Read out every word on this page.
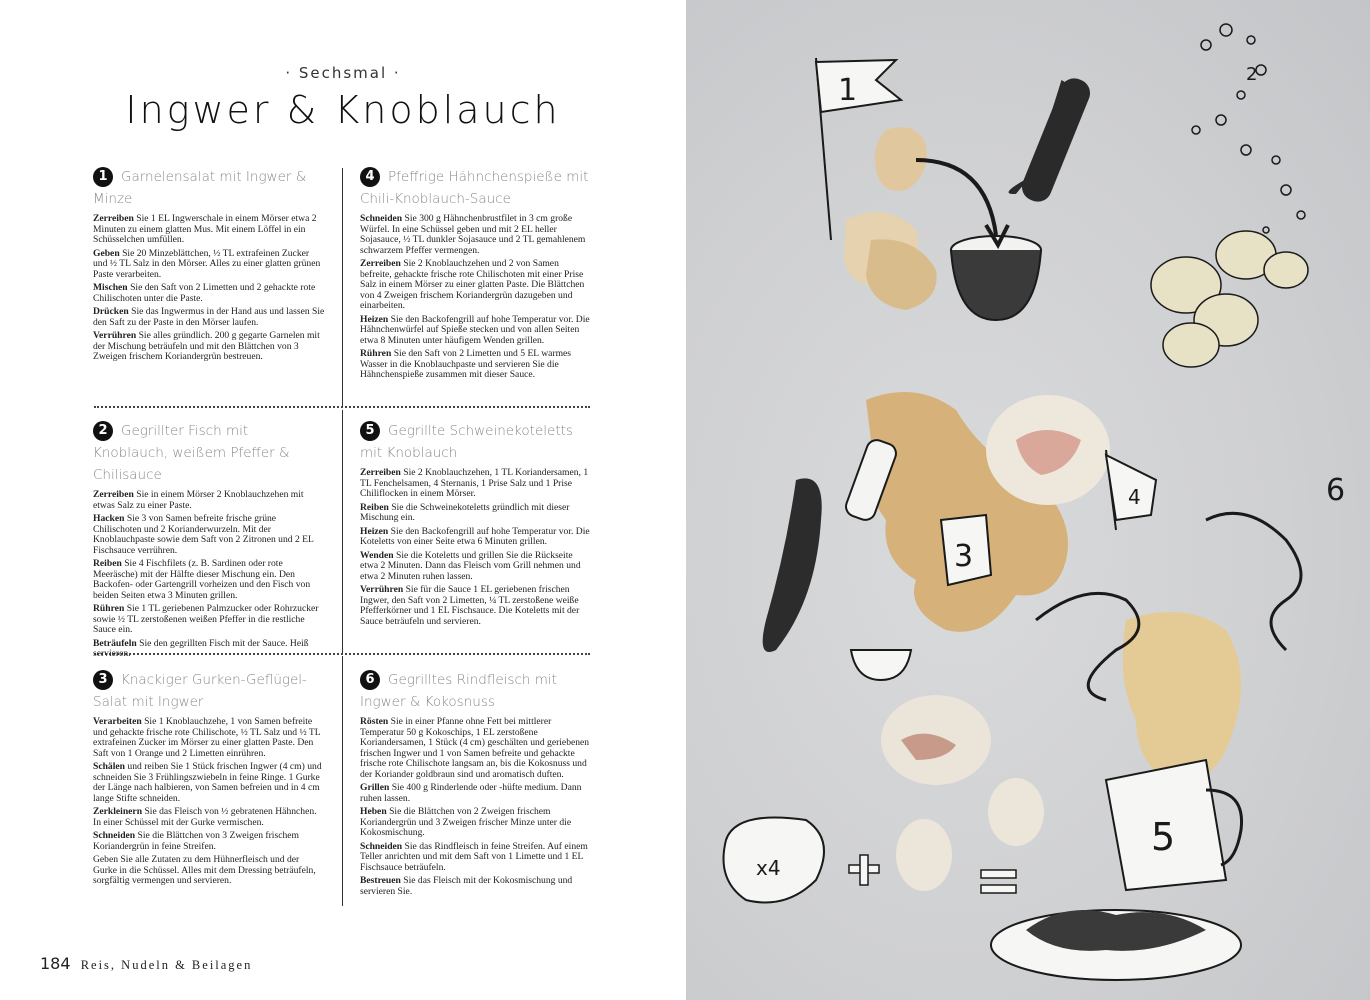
· Sechsmal ·
Ingwer & Knoblauch
1 Garnelensalat mit Ingwer & Minze

Zerreiben Sie 1 EL Ingwerschale in einem Mörser etwa 2 Minuten zu einem glatten Mus. Mit einem Löffel in ein Schüsselchen umfüllen.

Geben Sie 20 Minzeblättchen, ½ TL extrafeinen Zucker und ½ TL Salz in den Mörser. Alles zu einer glatten grünen Paste verarbeiten.

Mischen Sie den Saft von 2 Limetten und 2 gehackte rote Chilischoten unter die Paste.

Drücken Sie das Ingwermus in der Hand aus und lassen Sie den Saft zu der Paste in den Mörser laufen.

Verrühren Sie alles gründlich. 200 g gegarte Garnelen mit der Mischung beträufeln und mit den Blättchen von 3 Zweigen frischem Koriandergrün bestreuen.

4 Pfeffrige Hähnchenspieße mit Chili-Knoblauch-Sauce

Schneiden Sie 300 g Hähnchenbrustfilet in 3 cm große Würfel. In eine Schüssel geben und mit 2 EL heller Sojasauce, ½ TL dunkler Sojasauce und 2 TL gemahlenem schwarzem Pfeffer vermengen.

Zerreiben Sie 2 Knoblauchzehen und 2 von Samen befreite, gehackte frische rote Chilischoten mit einer Prise Salz in einem Mörser zu einer glatten Paste. Die Blättchen von 4 Zweigen frischem Koriandergrün dazugeben und einarbeiten.

Heizen Sie den Backofengrill auf hohe Temperatur vor. Die Hähnchenwürfel auf Spieße stecken und von allen Seiten etwa 8 Minuten unter häufigem Wenden grillen.

Rühren Sie den Saft von 2 Limetten und 5 EL warmes Wasser in die Knoblauchpaste und servieren Sie die Hähnchenspieße zusammen mit dieser Sauce.

2 Gegrillter Fisch mit Knoblauch, weißem Pfeffer & Chilisauce

Zerreiben Sie in einem Mörser 2 Knoblauchzehen mit etwas Salz zu einer Paste.

Hacken Sie 3 von Samen befreite frische grüne Chilischoten und 2 Korianderwurzeln. Mit der Knoblauchpaste sowie dem Saft von 2 Zitronen und 2 EL Fischsauce verrühren.

Reiben Sie 4 Fischfilets (z. B. Sardinen oder rote Meeräsche) mit der Hälfte dieser Mischung ein. Den Backofen- oder Gartengrill vorheizen und den Fisch von beiden Seiten etwa 3 Minuten grillen.

Rühren Sie 1 TL geriebenen Palmzucker oder Rohrzucker sowie ½ TL zerstoßenen weißen Pfeffer in die restliche Sauce ein.

Beträufeln Sie den gegrillten Fisch mit der Sauce. Heiß servieren.

5 Gegrillte Schweinekoteletts mit Knoblauch

Zerreiben Sie 2 Knoblauchzehen, 1 TL Koriandersamen, 1 TL Fenchelsamen, 4 Sternanis, 1 Prise Salz und 1 Prise Chiliflocken in einem Mörser.

Reiben Sie die Schweinekoteletts gründlich mit dieser Mischung ein.

Heizen Sie den Backofengrill auf hohe Temperatur vor. Die Koteletts von einer Seite etwa 6 Minuten grillen.

Wenden Sie die Koteletts und grillen Sie die Rückseite etwa 2 Minuten. Dann das Fleisch vom Grill nehmen und etwa 2 Minuten ruhen lassen.

Verrühren Sie für die Sauce 1 EL geriebenen frischen Ingwer, den Saft von 2 Limetten, ¼ TL zerstoßene weiße Pfefferkörner und 1 EL Fischsauce. Die Koteletts mit der Sauce beträufeln und servieren.

3 Knackiger Gurken-Geflügel-Salat mit Ingwer

Verarbeiten Sie 1 Knoblauchzehe, 1 von Samen befreite und gehackte frische rote Chilischote, ½ TL Salz und ½ TL extrafeinen Zucker im Mörser zu einer glatten Paste. Den Saft von 1 Orange und 2 Limetten einrühren.

Schälen und reiben Sie 1 Stück frischen Ingwer (4 cm) und schneiden Sie 3 Frühlingszwiebeln in feine Ringe. 1 Gurke der Länge nach halbieren, von Samen befreien und in 4 cm lange Stifte schneiden.

Zerkleinern Sie das Fleisch von ½ gebratenen Hähnchen. In einer Schüssel mit der Gurke vermischen.

Schneiden Sie die Blättchen von 3 Zweigen frischem Koriandergrün in feine Streifen.

Geben Sie alle Zutaten zu dem Hühnerfleisch und der Gurke in die Schüssel. Alles mit dem Dressing beträufeln, sorgfältig vermengen und servieren.

6 Gegrilltes Rindfleisch mit Ingwer & Kokosnuss

Rösten Sie in einer Pfanne ohne Fett bei mittlerer Temperatur 50 g Kokoschips, 1 EL zerstoßene Koriandersamen, 1 Stück (4 cm) geschälten und geriebenen frischen Ingwer und 1 von Samen befreite und gehackte frische rote Chilischote langsam an, bis die Kokosnuss und der Koriander goldbraun sind und aromatisch duften.

Grillen Sie 400 g Rinderlende oder -hüfte medium. Dann ruhen lassen.

Heben Sie die Blättchen von 2 Zweigen frischem Koriandergrün und 3 Zweigen frischer Minze unter die Kokosmischung.

Schneiden Sie das Rindfleisch in feine Streifen. Auf einem Teller anrichten und mit dem Saft von 1 Limette und 1 EL Fischsauce beträufeln.

Bestreuen Sie das Fleisch mit der Kokosmischung und servieren Sie.

184 Reis, Nudeln & Beilagen
1	2
3
4	6
5
x4
